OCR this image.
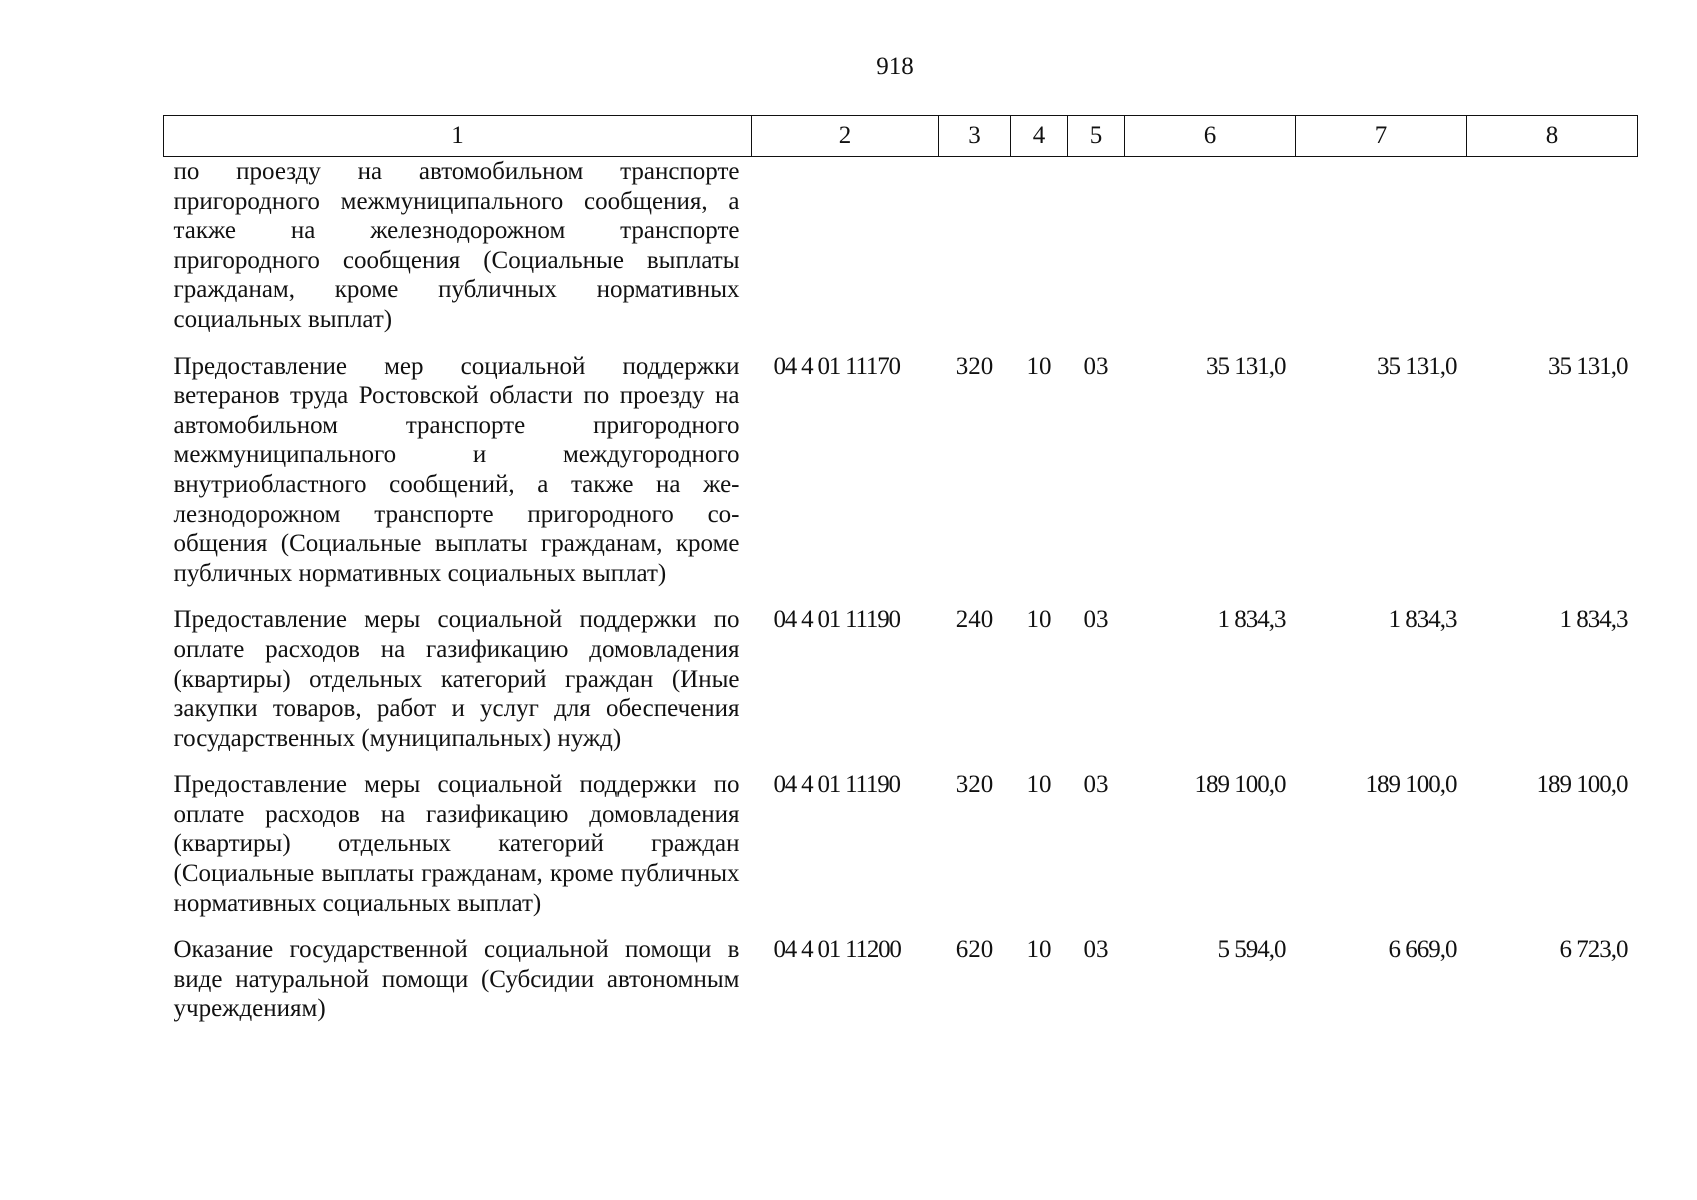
918
1	2	3	4	5	6	7	8
по проезду на автомобильном транспорте пригородного межмуниципального сообщения, а также на железнодорожном транспорте пригородного сообщения (Социальные выплаты гражданам, кроме публичных нормативных социальных выплат)							
Предоставление мер социальной поддержки ветеранов труда Ростовской области по проезду на автомобильном транспорте пригородного межмуниципального и междугородного внутриобластного сообщений, а также на железнодорожном транспорте пригородного сообщения (Социальные выплаты гражданам, кроме публичных нормативных социальных выплат)	04 4 01 11170	320	10	03	35 131,0	35 131,0	35 131,0
Предоставление меры социальной поддержки по оплате расходов на газификацию домовладения (квартиры) отдельных категорий граждан (Иные закупки товаров, работ и услуг для обеспечения государственных (муниципальных) нужд)	04 4 01 11190	240	10	03	1 834,3	1 834,3	1 834,3
Предоставление меры социальной поддержки по оплате расходов на газификацию домовладения (квартиры) отдельных категорий граждан (Социальные выплаты гражданам, кроме публичных нормативных социальных выплат)	04 4 01 11190	320	10	03	189 100,0	189 100,0	189 100,0
Оказание государственной социальной помощи в виде натуральной помощи (Субсидии автономным учреждениям)	04 4 01 11200	620	10	03	5 594,0	6 669,0	6 723,0
